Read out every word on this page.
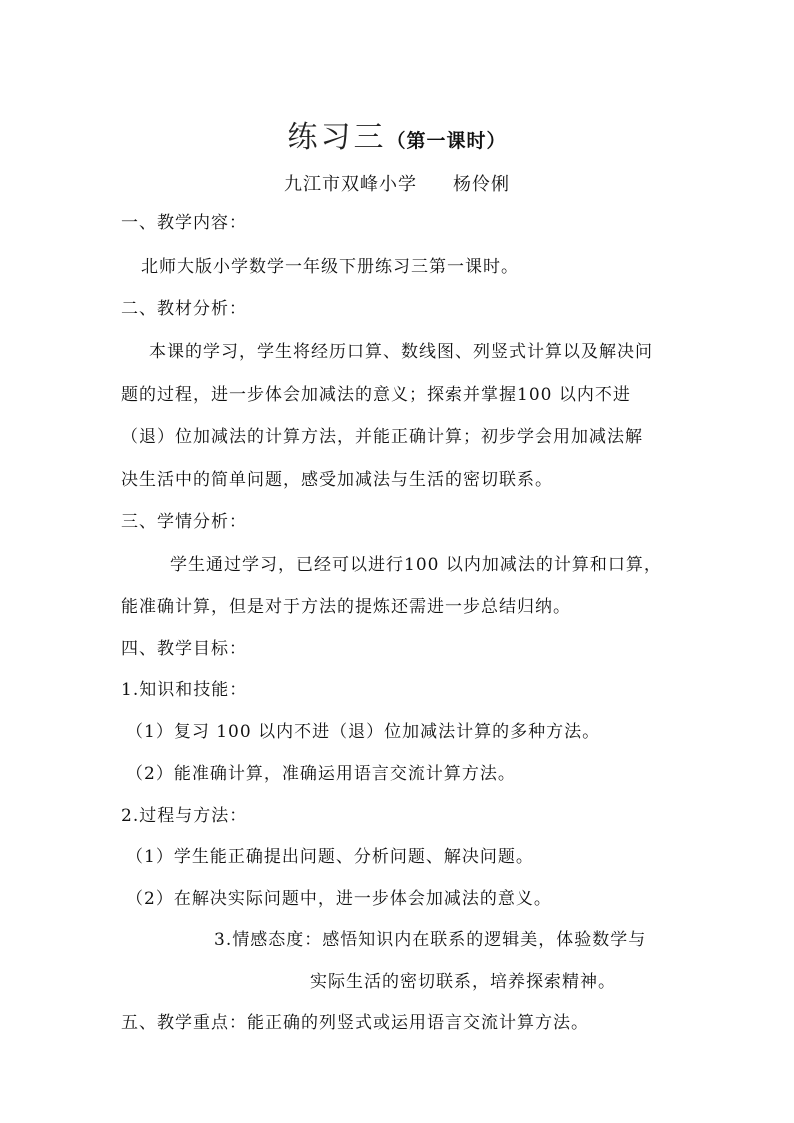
练习三（第一课时）
九江市双峰小学 杨伶俐
一、教学内容：
北师大版小学数学一年级下册练习三第一课时。
二、教材分析：
本课的学习，学生将经历口算、数线图、列竖式计算以及解决问
题的过程，进一步体会加减法的意义；探索并掌握100 以内不进
（退）位加减法的计算方法，并能正确计算；初步学会用加减法解
决生活中的简单问题，感受加减法与生活的密切联系。
三、学情分析：
学生通过学习，已经可以进行100 以内加减法的计算和口算，
能准确计算，但是对于方法的提炼还需进一步总结归纳。
四、教学目标：
1.知识和技能：
（1）复习 100 以内不进（退）位加减法计算的多种方法。
（2）能准确计算，准确运用语言交流计算方法。
2.过程与方法：
（1）学生能正确提出问题、分析问题、解决问题。
（2）在解决实际问题中，进一步体会加减法的意义。
3.情感态度：感悟知识内在联系的逻辑美，体验数学与
实际生活的密切联系，培养探索精神。
五、教学重点：能正确的列竖式或运用语言交流计算方法。
